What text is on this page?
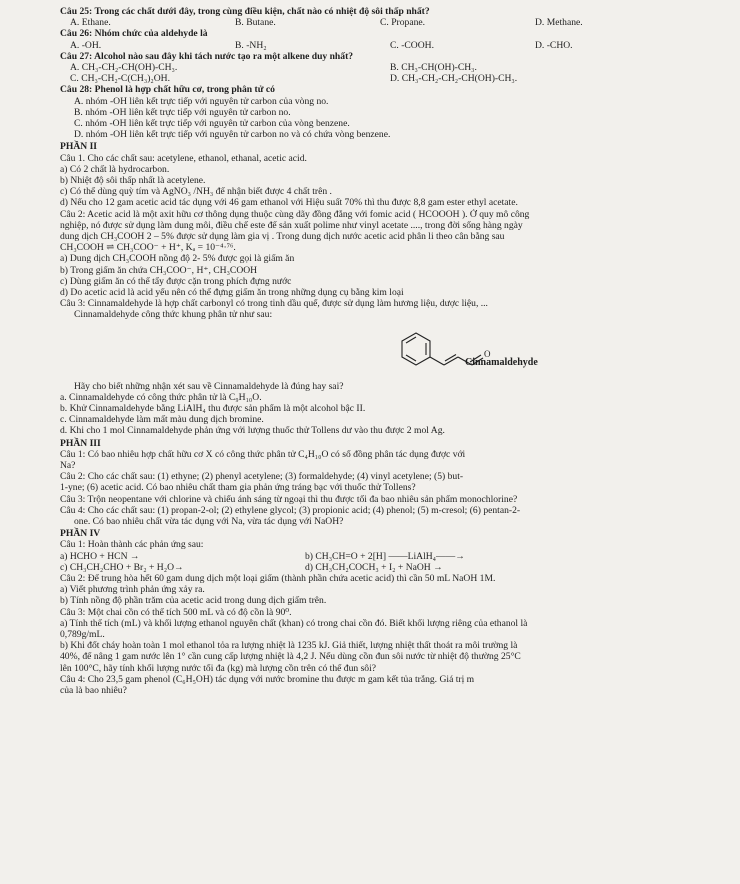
Câu 25: Trong các chất dưới đây, trong cùng điều kiện, chất nào có nhiệt độ sôi thấp nhất?
A. Ethane.	B. Butane.	C. Propane.	D. Methane.
Câu 26: Nhóm chức của aldehyde là
A. -OH.	B. -NH₂	C. -COOH.	D. -CHO.
Câu 27: Alcohol nào sau đây khi tách nước tạo ra một alkene duy nhất?
A. CH₃-CH₂-CH(OH)-CH₃.	B. CH₃-CH(OH)-CH₃.
C. CH₃-CH₂-C(CH₃)₂OH.	D. CH₃-CH₂-CH₂-CH(OH)-CH₃.
Câu 28: Phenol là hợp chất hữu cơ, trong phân tử có
A. nhóm -OH liên kết trực tiếp với nguyên tử carbon của vòng no.
B. nhóm -OH liên kết trực tiếp với nguyên tử carbon no.
C. nhóm -OH liên kết trực tiếp với nguyên tử carbon của vòng benzene.
D. nhóm -OH liên kết trực tiếp với nguyên tử carbon no và có chứa vòng benzene.
PHẦN II
Câu 1. Cho các chất sau: acetylene, ethanol, ethanal, acetic acid.
a) Có 2 chất là hydrocarbon.
b) Nhiệt độ sôi thấp nhất là acetylene.
c) Có thể dùng quỳ tím và AgNO₃ /NH₃ để nhận biết được 4 chất trên .
d) Nếu cho 12 gam acetic acid tác dụng với 46 gam ethanol với Hiệu suất 70% thì thu được 8,8 gam ester ethyl acetate.
Câu 2: Acetic acid là một axit hữu cơ thông dụng thuộc cùng dãy đồng đẳng với fomic acid ( HCOOOH ). Ở quy mô công
nghiệp, nó được sử dụng làm dung môi, điều chế este để sản xuất polime như vinyl acetate ...., trong đời sống hàng ngày
dung dịch CH₃COOH 2 – 5% được sử dụng làm gia vị . Trong dung dịch nước acetic acid phân li theo cân bằng sau
CH₃COOH ⇌ CH₃COO⁻ + H⁺, Kₐ = 10⁻⁴·⁷⁶.
a) Dung dịch CH₃COOH nồng độ 2- 5% được gọi là giấm ăn
b) Trong giấm ăn chứa CH₃COO⁻, H⁺, CH₃COOH
c) Dùng giấm ăn có thể tẩy được cặn trong phích đựng nước
d) Do acetic acid là acid yếu nên có thể đựng giấm ăn trong những dụng cụ bằng kim loại
Câu 3: Cinnamaldehyde là hợp chất carbonyl có trong tinh dầu quế, được sử dụng làm hương liệu, dược liệu, ...
Cinnamaldehyde công thức khung phân tử như sau:
O
Cinnamaldehyde
Hãy cho biết những nhận xét sau về Cinnamaldehyde là đúng hay sai?
a. Cinnamaldehyde có công thức phân tử là C₉H₁₀O.
b. Khử Cinnamaldehyde bằng LiAlH₄ thu được sản phẩm là một alcohol bậc II.
c. Cinnamaldehyde làm mất màu dung dịch bromine.
d. Khi cho 1 mol Cinnamaldehyde phản ứng với lượng thuốc thử Tollens dư vào thu được 2 mol Ag.
PHẦN III
Câu 1: Có bao nhiêu hợp chất hữu cơ X có công thức phân tử C₄H₁₀O có số đồng phân tác dụng được với
Na?
Câu 2: Cho các chất sau: (1) ethyne; (2) phenyl acetylene; (3) formaldehyde; (4) vinyl acetylene; (5) but-
1-yne; (6) acetic acid. Có bao nhiêu chất tham gia phản ứng tráng bạc với thuốc thử Tollens?
Câu 3: Trộn neopentane với chlorine và chiếu ánh sáng từ ngoại thì thu được tối đa bao nhiêu sản phẩm monochlorine?
Câu 4: Cho các chất sau: (1) propan-2-ol; (2) ethylene glycol; (3) propionic acid; (4) phenol; (5) m-cresol; (6) pentan-2-
one. Có bao nhiêu chất vừa tác dụng với Na, vừa tác dụng với NaOH?
PHẦN IV
Câu 1: Hoàn thành các phản ứng sau:
a) HCHO + HCN →	b) CH₃CH=O + 2[H] ——LiAlH₄——→
c) CH₃CH₂CHO + Br₂ + H₂O→	d) CH₃CH₂COCH₃ + I₂ + NaOH →
Câu 2: Để trung hòa hết 60 gam dung dịch một loại giấm (thành phần chứa acetic acid) thì cần 50 mL NaOH 1M.
a) Viết phương trình phản ứng xảy ra.
b) Tính nồng độ phần trăm của acetic acid trong dung dịch giấm trên.
Câu 3: Một chai cồn có thể tích 500 mL và có độ cồn là 90⁰.
a) Tính thể tích (mL) và khối lượng ethanol nguyên chất (khan) có trong chai cồn đó. Biết khối lượng riêng của ethanol là
0,789g/mL.
b) Khi đốt cháy hoàn toàn 1 mol ethanol tỏa ra lượng nhiệt là 1235 kJ. Giả thiết, lượng nhiệt thất thoát ra môi trường là
40%, để nâng 1 gam nước lên 1° cần cung cấp lượng nhiệt là 4,2 J. Nếu dùng cồn đun sôi nước từ nhiệt độ thường 25°C
lên 100°C, hãy tính khối lượng nước tối đa (kg) mà lượng cồn trên có thể đun sôi?
Câu 4: Cho 23,5 gam phenol (C₆H₅OH) tác dụng với nước bromine thu được m gam kết tủa trắng. Giá trị m
của là bao nhiêu?
